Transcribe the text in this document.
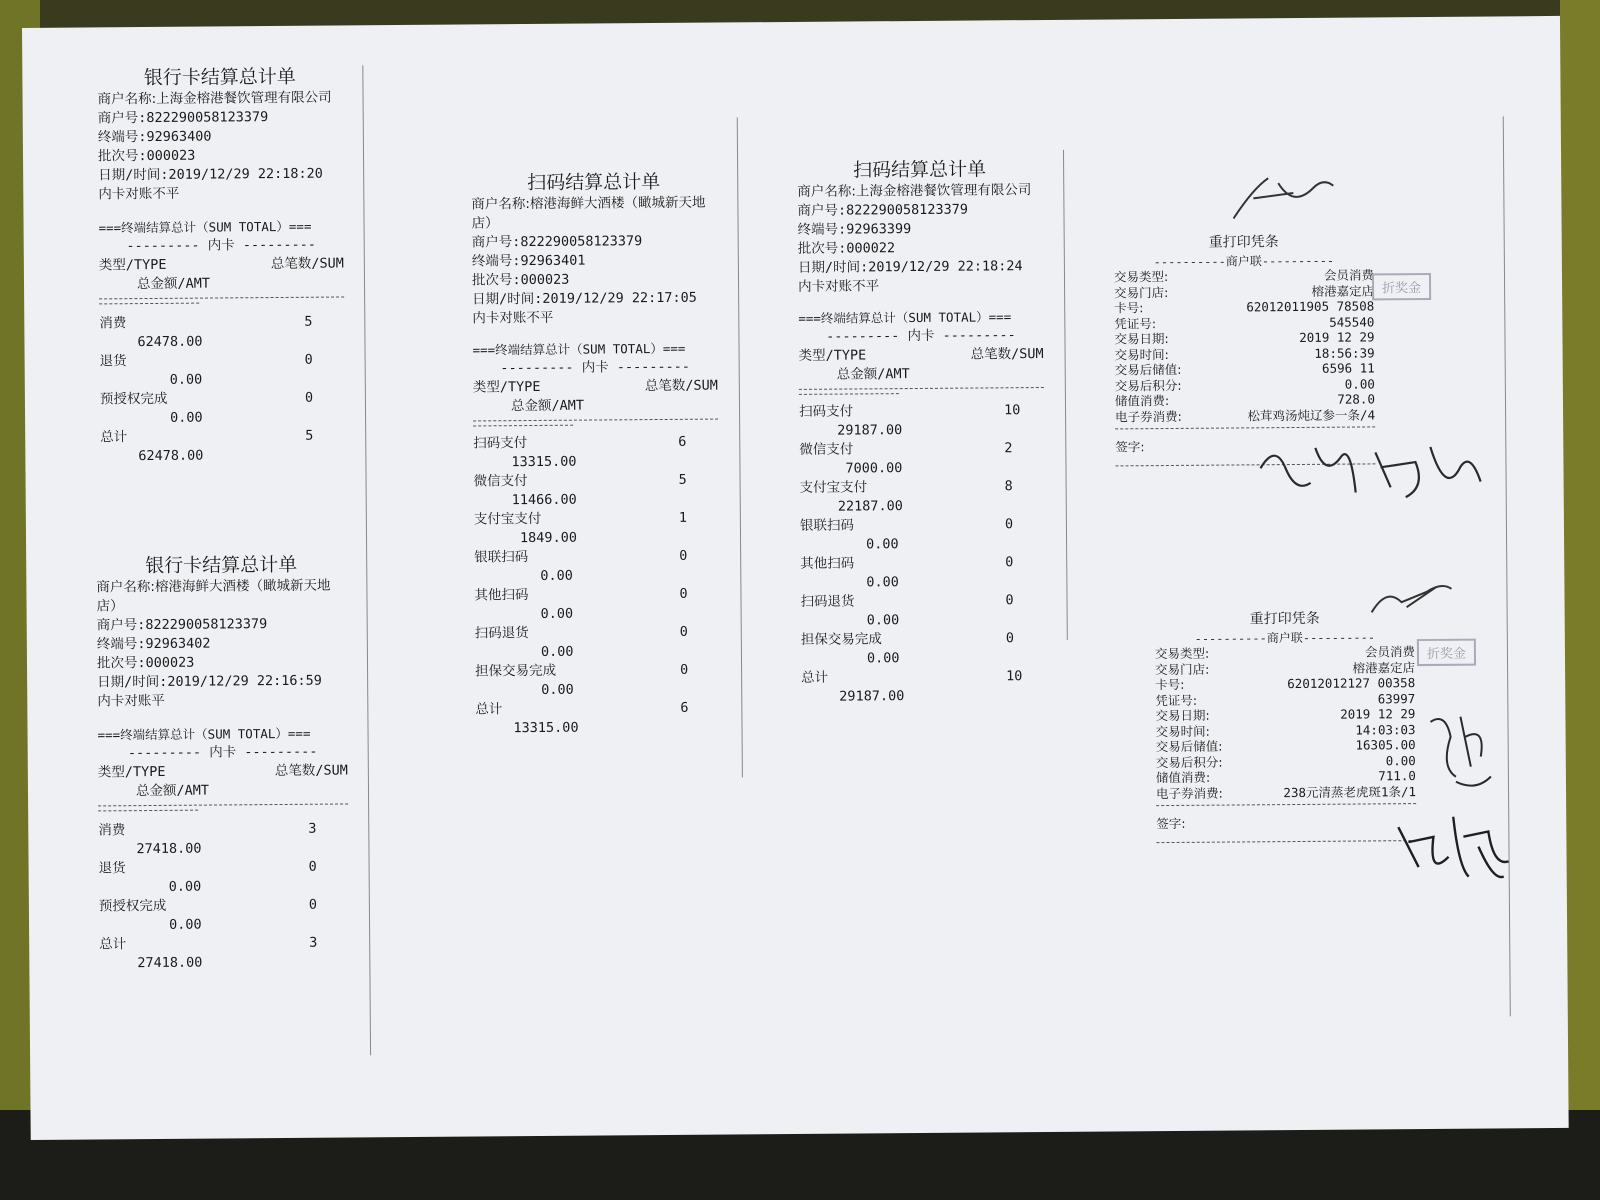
银行卡结算总计单
商户名称:上海金榕港餐饮管理有限公司
商户号:822290058123379
终端号:92963400
批次号:000023
日期/时间:2019/12/29 22:18:20
内卡对账不平
===终端结算总计（SUM TOTAL）===
--------- 内卡 ---------
类型/TYPE	总笔数/SUM
总金额/AMT
消费	5
62478.00
退货	0
0.00
预授权完成	0
0.00
总计	5
62478.00
银行卡结算总计单
商户名称:榕港海鲜大酒楼（瞰城新天地店）
商户号:822290058123379
终端号:92963402
批次号:000023
日期/时间:2019/12/29 22:16:59
内卡对账平
===终端结算总计（SUM TOTAL）===
--------- 内卡 ---------
类型/TYPE	总笔数/SUM
总金额/AMT
消费	3
27418.00
退货	0
0.00
预授权完成	0
0.00
总计	3
27418.00
扫码结算总计单
商户名称:榕港海鲜大酒楼（瞰城新天地店）
商户号:822290058123379
终端号:92963401
批次号:000023
日期/时间:2019/12/29 22:17:05
内卡对账不平
===终端结算总计（SUM TOTAL）===
--------- 内卡 ---------
类型/TYPE	总笔数/SUM
总金额/AMT
扫码支付	6
13315.00
微信支付	5
11466.00
支付宝支付	1
1849.00
银联扫码	0
0.00
其他扫码	0
0.00
扫码退货	0
0.00
担保交易完成	0
0.00
总计	6
13315.00
扫码结算总计单
商户名称:上海金榕港餐饮管理有限公司
商户号:822290058123379
终端号:92963399
批次号:000022
日期/时间:2019/12/29 22:18:24
内卡对账不平
===终端结算总计（SUM TOTAL）===
--------- 内卡 ---------
类型/TYPE	总笔数/SUM
总金额/AMT
扫码支付	10
29187.00
微信支付	2
7000.00
支付宝支付	8
22187.00
银联扫码	0
0.00
其他扫码	0
0.00
扫码退货	0
0.00
担保交易完成	0
0.00
总计	10
29187.00
重打印凭条
----------商户联----------
交易类型:	会员消费
交易门店:	榕港嘉定店
卡号:	62012011905 78508
凭证号:	545540
交易日期:	2019 12 29
交易时间:	18:56:39
交易后储值:	6596 11
交易后积分:	0.00
储值消费:	728.0
电子券消费:	松茸鸡汤炖辽参一条/4
签字:
折奖金
重打印凭条
----------商户联----------
交易类型:	会员消费
交易门店:	榕港嘉定店
卡号:	62012012127 00358
凭证号:	63997
交易日期:	2019 12 29
交易时间:	14:03:03
交易后储值:	16305.00
交易后积分:	0.00
储值消费:	711.0
电子券消费:	238元清蒸老虎斑1条/1
签字:
折奖金
